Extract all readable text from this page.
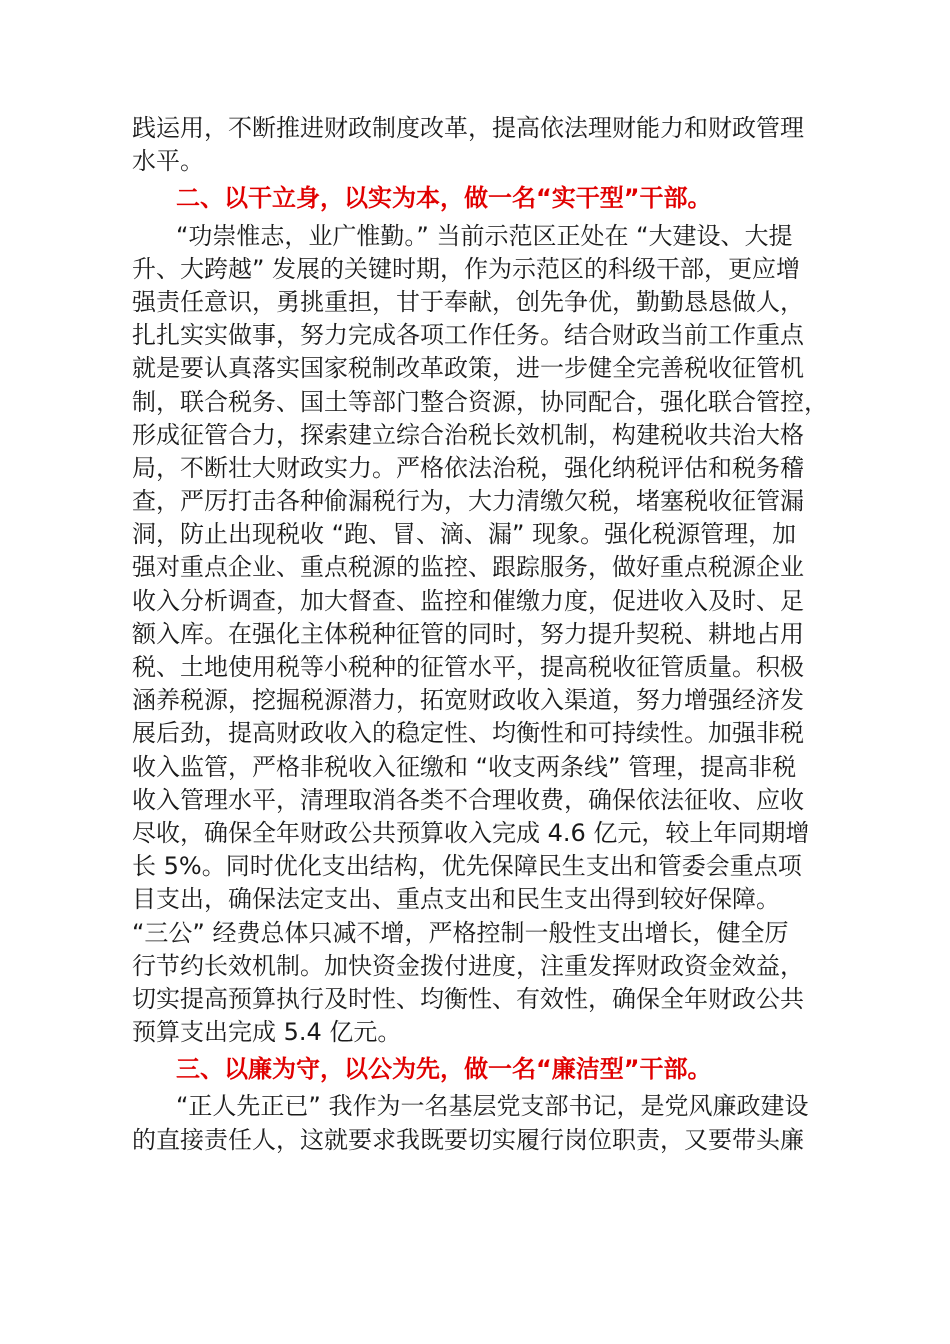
践运用，不断推进财政制度改革，提高依法理财能力和财政管理
水平。
二、以干立身，以实为本，做一名“实干型”干部。
“功崇惟志，业广惟勤。” 当前示范区正处在 “大建设、大提
升、大跨越” 发展的关键时期，作为示范区的科级干部，更应增
强责任意识，勇挑重担，甘于奉献，创先争优，勤勤恳恳做人，
扎扎实实做事，努力完成各项工作任务。结合财政当前工作重点
就是要认真落实国家税制改革政策，进一步健全完善税收征管机
制，联合税务、国土等部门整合资源，协同配合，强化联合管控，
形成征管合力，探索建立综合治税长效机制，构建税收共治大格
局，不断壮大财政实力。严格依法治税，强化纳税评估和税务稽
查，严厉打击各种偷漏税行为，大力清缴欠税，堵塞税收征管漏
洞，防止出现税收 “跑、冒、滴、漏” 现象。强化税源管理，加
强对重点企业、重点税源的监控、跟踪服务，做好重点税源企业
收入分析调查，加大督查、监控和催缴力度，促进收入及时、足
额入库。在强化主体税种征管的同时，努力提升契税、耕地占用
税、土地使用税等小税种的征管水平，提高税收征管质量。积极
涵养税源，挖掘税源潜力，拓宽财政收入渠道，努力增强经济发
展后劲，提高财政收入的稳定性、均衡性和可持续性。加强非税
收入监管，严格非税收入征缴和 “收支两条线” 管理，提高非税
收入管理水平，清理取消各类不合理收费，确保依法征收、应收
尽收，确保全年财政公共预算收入完成 4.6 亿元，较上年同期增
长 5%。同时优化支出结构，优先保障民生支出和管委会重点项
目支出，确保法定支出、重点支出和民生支出得到较好保障。
“三公” 经费总体只减不增，严格控制一般性支出增长，健全厉
行节约长效机制。加快资金拨付进度，注重发挥财政资金效益，
切实提高预算执行及时性、均衡性、有效性，确保全年财政公共
预算支出完成 5.4 亿元。
三、以廉为守，以公为先，做一名“廉洁型”干部。
“正人先正已” 我作为一名基层党支部书记，是党风廉政建设
的直接责任人，这就要求我既要切实履行岗位职责，又要带头廉
